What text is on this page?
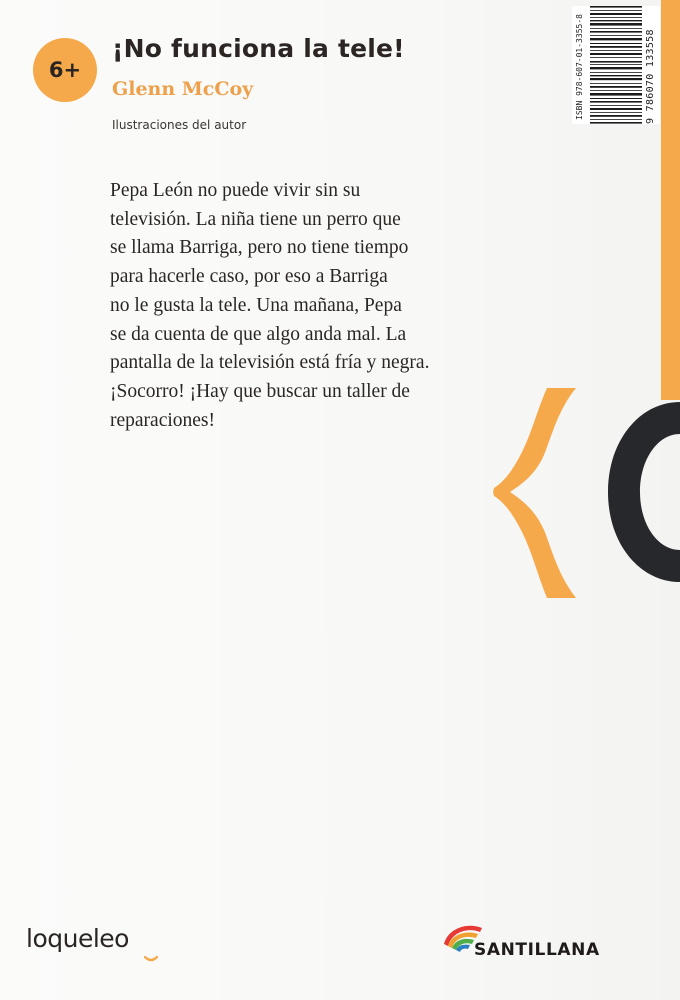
6+
¡No funciona la tele!
Glenn McCoy
Ilustraciones del autor
Pepa León no puede vivir sin su
televisión. La niña tiene un perro que
se llama Barriga, pero no tiene tiempo
para hacerle caso, por eso a Barriga
no le gusta la tele. Una mañana, Pepa
se da cuenta de que algo anda mal. La
pantalla de la televisión está fría y negra.
¡Socorro! ¡Hay que buscar un taller de
reparaciones!
ISBN 978-607-01-3355-8	9 786070 133558
loqueleo	SANTILLANA
